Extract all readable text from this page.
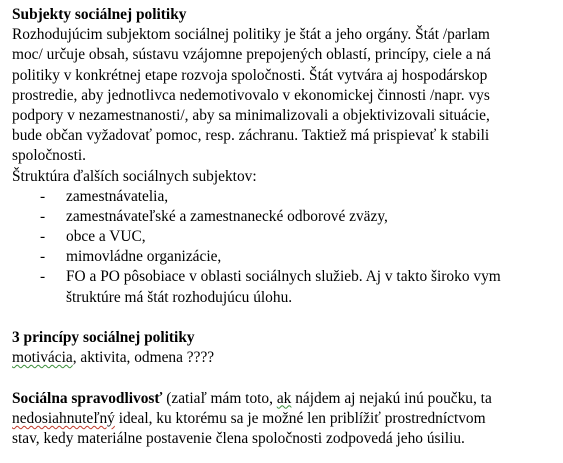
Subjekty sociálnej politiky
Rozhodujúcim subjektom sociálnej politiky je štát a jeho orgány. Štát /parlam
moc/ určuje obsah, sústavu vzájomne prepojených oblastí, princípy, ciele a ná
politiky v konkrétnej etape rozvoja spoločnosti. Štát vytvára aj hospodárskop
prostredie, aby jednotlivca nedemotivovalo v ekonomickej činnosti /napr. vys
podpory v nezamestnanosti/, aby sa minimalizovali a objektivizovali situácie,
bude občan vyžadovať pomoc, resp. záchranu. Taktiež má prispievať k stabili
spoločnosti.
Štruktúra ďalších sociálnych subjektov:
- zamestnávatelia,
- zamestnávateľské a zamestnanecké odborové zväzy,
- obce a VUC,
- mimovládne organizácie,
- FO a PO pôsobiace v oblasti sociálnych služieb. Aj v takto široko vym
štruktúre má štát rozhodujúcu úlohu.
3 princípy sociálnej politiky
motivácia, aktivita, odmena ????
Sociálna spravodlivosť (zatiaľ mám toto, ak nájdem aj nejakú inú poučku, ta
nedosiahnuteľný ideal, ku ktorému sa je možné len priblížiť prostredníctvom
stav, kedy materiálne postavenie člena spoločnosti zodpovedá jeho úsiliu.
